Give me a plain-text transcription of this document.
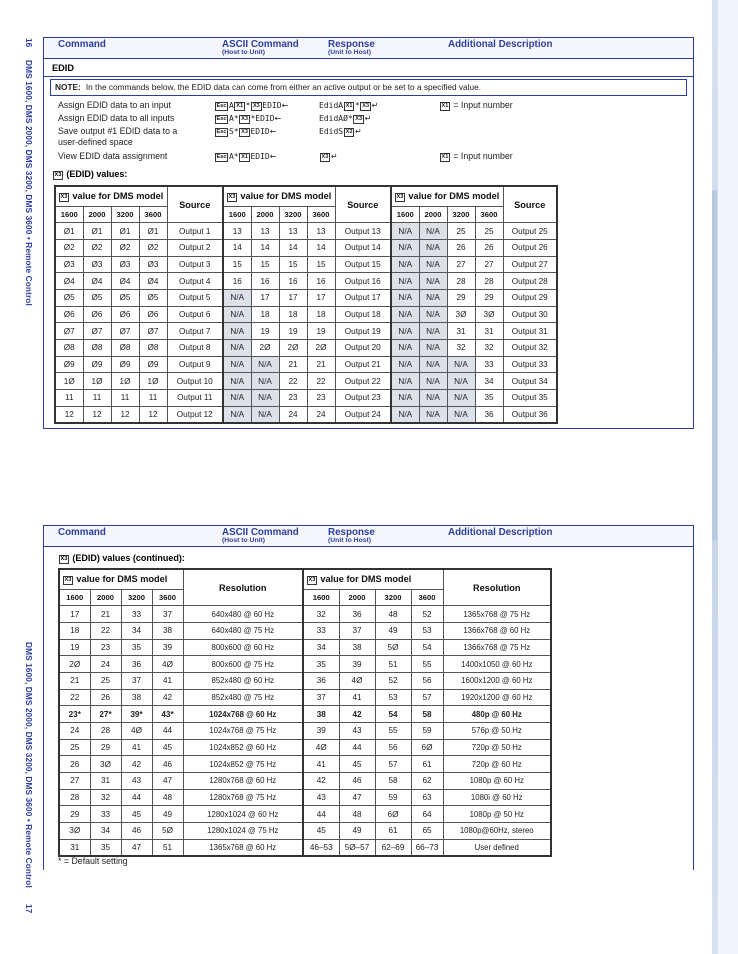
16
DMS 1600, DMS 2000, DMS 3200, DMS 3600 • Remote Control
DMS 1600, DMS 2000, DMS 3200, DMS 3600 • Remote Control
17
Command	ASCII Command
(Host to Unit)
Response
(Unit to Host)
Additional Description
EDID
NOTE: In the commands below, the EDID data can come from either an active output or be set to a specified value.
Assign EDID data to an input	Esc A X1 * X3 EDID←	EdidA X1 * X3 ↵	X1 = Input number
Assign EDID data to all inputs	Esc A* X3 *EDID←	EdidAØ* X3 ↵
Save output #1 EDID data to a
user-defined space
Esc S* X3 EDID←	EdidS X3 ↵
View EDID data assignment	Esc A* X1 EDID←	X3 ↵	X1 = Input number
X3 (EDID) values:
X3 value for DMS model				Source	X3 value for DMS model				Source	X3 value for DMS model				Source
1600	2000	3200	3600		1600	2000	3200	3600		1600	2000	3200	3600	
Ø1	Ø1	Ø1	Ø1	Output 1	13	13	13	13	Output 13	N/A	N/A	25	25	Output 25
Ø2	Ø2	Ø2	Ø2	Output 2	14	14	14	14	Output 14	N/A	N/A	26	26	Output 26
Ø3	Ø3	Ø3	Ø3	Output 3	15	15	15	15	Output 15	N/A	N/A	27	27	Output 27
Ø4	Ø4	Ø4	Ø4	Output 4	16	16	16	16	Output 16	N/A	N/A	28	28	Output 28
Ø5	Ø5	Ø5	Ø5	Output 5	N/A	17	17	17	Output 17	N/A	N/A	29	29	Output 29
Ø6	Ø6	Ø6	Ø6	Output 6	N/A	18	18	18	Output 18	N/A	N/A	3Ø	3Ø	Output 30
Ø7	Ø7	Ø7	Ø7	Output 7	N/A	19	19	19	Output 19	N/A	N/A	31	31	Output 31
Ø8	Ø8	Ø8	Ø8	Output 8	N/A	2Ø	2Ø	2Ø	Output 20	N/A	N/A	32	32	Output 32
Ø9	Ø9	Ø9	Ø9	Output 9	N/A	N/A	21	21	Output 21	N/A	N/A	N/A	33	Output 33
1Ø	1Ø	1Ø	1Ø	Output 10	N/A	N/A	22	22	Output 22	N/A	N/A	N/A	34	Output 34
11	11	11	11	Output 11	N/A	N/A	23	23	Output 23	N/A	N/A	N/A	35	Output 35
12	12	12	12	Output 12	N/A	N/A	24	24	Output 24	N/A	N/A	N/A	36	Output 36
Command	ASCII Command
(Host to Unit)
Response
(Unit to Host)
Additional Description
X3 (EDID) values (continued):
X3 value for DMS model				Resolution	X3 value for DMS model				Resolution
1600	2000	3200	3600		1600	2000	3200	3600	
17	21	33	37	640x480 @ 60 Hz	32	36	48	52	1365x768 @ 75 Hz
18	22	34	38	640x480 @ 75 Hz	33	37	49	53	1366x768 @ 60 Hz
19	23	35	39	800x600 @ 60 Hz	34	38	5Ø	54	1366x768 @ 75 Hz
2Ø	24	36	4Ø	800x600 @ 75 Hz	35	39	51	55	1400x1050 @ 60 Hz
21	25	37	41	852x480 @ 60 Hz	36	4Ø	52	56	1600x1200 @ 60 Hz
22	26	38	42	852x480 @ 75 Hz	37	41	53	57	1920x1200 @ 60 Hz
23*	27*	39*	43*	1024x768 @ 60 Hz	38	42	54	58	480p @ 60 Hz
24	28	4Ø	44	1024x768 @ 75 Hz	39	43	55	59	576p @ 50 Hz
25	29	41	45	1024x852 @ 60 Hz	4Ø	44	56	6Ø	720p @ 50 Hz
26	3Ø	42	46	1024x852 @ 75 Hz	41	45	57	61	720p @ 60 Hz
27	31	43	47	1280x768 @ 60 Hz	42	46	58	62	1080p @ 60 Hz
28	32	44	48	1280x768 @ 75 Hz	43	47	59	63	1080i @ 60 Hz
29	33	45	49	1280x1024 @ 60 Hz	44	48	6Ø	64	1080p @ 50 Hz
3Ø	34	46	5Ø	1280x1024 @ 75 Hz	45	49	61	65	1080p@60Hz, stereo
31	35	47	51	1365x768 @ 60 Hz	46–53	5Ø–57	62–69	66–73	User defined
* = Default setting
